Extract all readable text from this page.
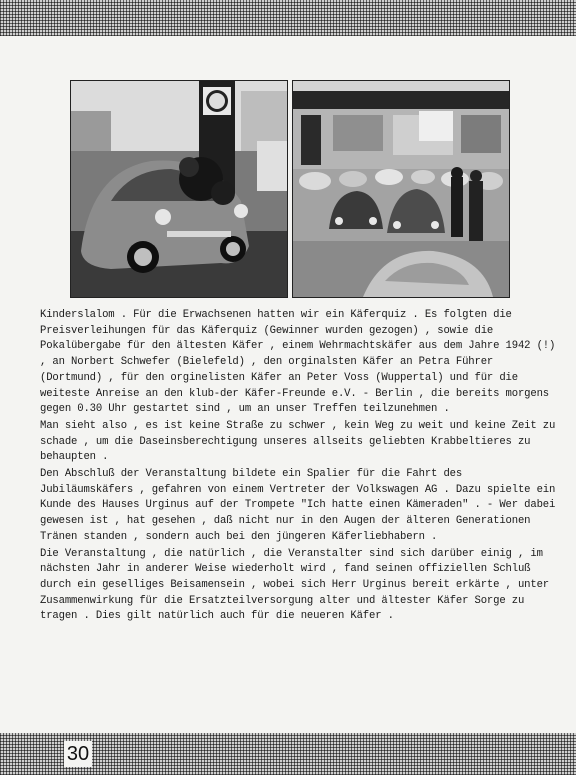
Kinderslalom . Für die Erwachsenen hatten wir ein Käferquiz . Es folgten die Preisverleihungen für das Käferquiz (Gewinner wurden gezogen) , sowie die Pokalübergabe für den ältesten Käfer , einem Wehrmachtskäfer aus dem Jahre 1942 (!) , an Norbert Schwefer (Bielefeld) , den orginalsten Käfer an Petra Führer (Dortmund) , für den orginelisten Käfer an Peter Voss (Wuppertal) und für die weiteste Anreise an den klub-der Käfer-Freunde e.V. - Berlin , die bereits morgens gegen 0.30 Uhr gestartet sind , um an unser Treffen teilzunehmen .

Man sieht also , es ist keine Straße zu schwer , kein Weg zu weit und keine Zeit zu schade , um die Daseinsberechtigung unseres allseits geliebten Krabbeltieres zu behaupten .

Den Abschluß der Veranstaltung bildete ein Spalier für die Fahrt des Jubiläumskäfers , gefahren von einem Vertreter der Volkswagen AG . Dazu spielte ein Kunde des Hauses Urginus auf der Trompete "Ich hatte einen Kämeraden" . - Wer dabei gewesen ist , hat gesehen , daß nicht nur in den Augen der älteren Generationen Tränen standen , sondern auch bei den jüngeren Käferliebhabern .

Die Veranstaltung , die natürlich , die Veranstalter sind sich darüber einig , im nächsten Jahr in anderer Weise wiederholt wird , fand seinen offiziellen Schluß durch ein geselliges Beisamensein , wobei sich Herr Urginus bereit erkärte , unter Zusammenwirkung für die Ersatzteilversorgung alter und ältester Käfer Sorge zu tragen . Dies gilt natürlich auch für die neueren Käfer .

30
